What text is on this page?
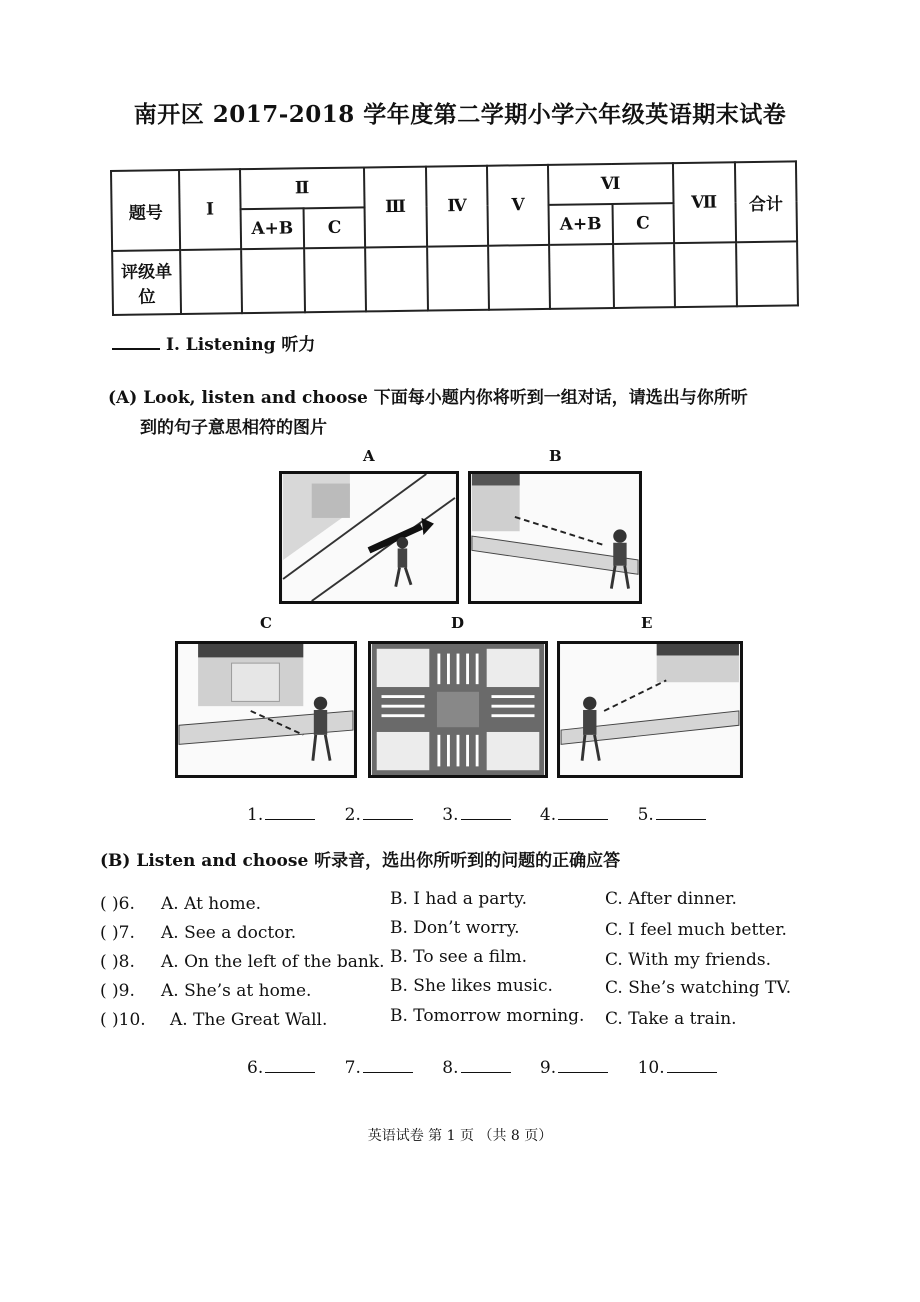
南开区 2017-2018 学年度第二学期小学六年级英语期末试卷
题号	Ⅰ	Ⅱ		Ⅲ	Ⅳ	Ⅴ	Ⅵ		Ⅶ	合计
		A+B	C				A+B	C		
评级单位										
Ⅰ. Listening 听力
(A) Look, listen and choose 下面每小题内你将听到一组对话，请选出与你所听
到的句子意思相符的图片
A	B
C	D	E
1.	2.	3.	4.	5.
(B) Listen and choose 听录音，选出你所听到的问题的正确应答
( )6. A. At home.	B. I had a party.	C. After dinner.
( )7. A. See a doctor.	B. Don’t worry.	C. I feel much better.
( )8. A. On the left of the bank. B. To see a film.	C. With my friends.
( )9. A. She’s at home.	B. She likes music.	C. She’s watching TV.
( )10. A. The Great Wall.	B. Tomorrow morning. C. Take a train.
6.	7.	8.	9.	10.
英语试卷 第 1 页 （共 8 页）
